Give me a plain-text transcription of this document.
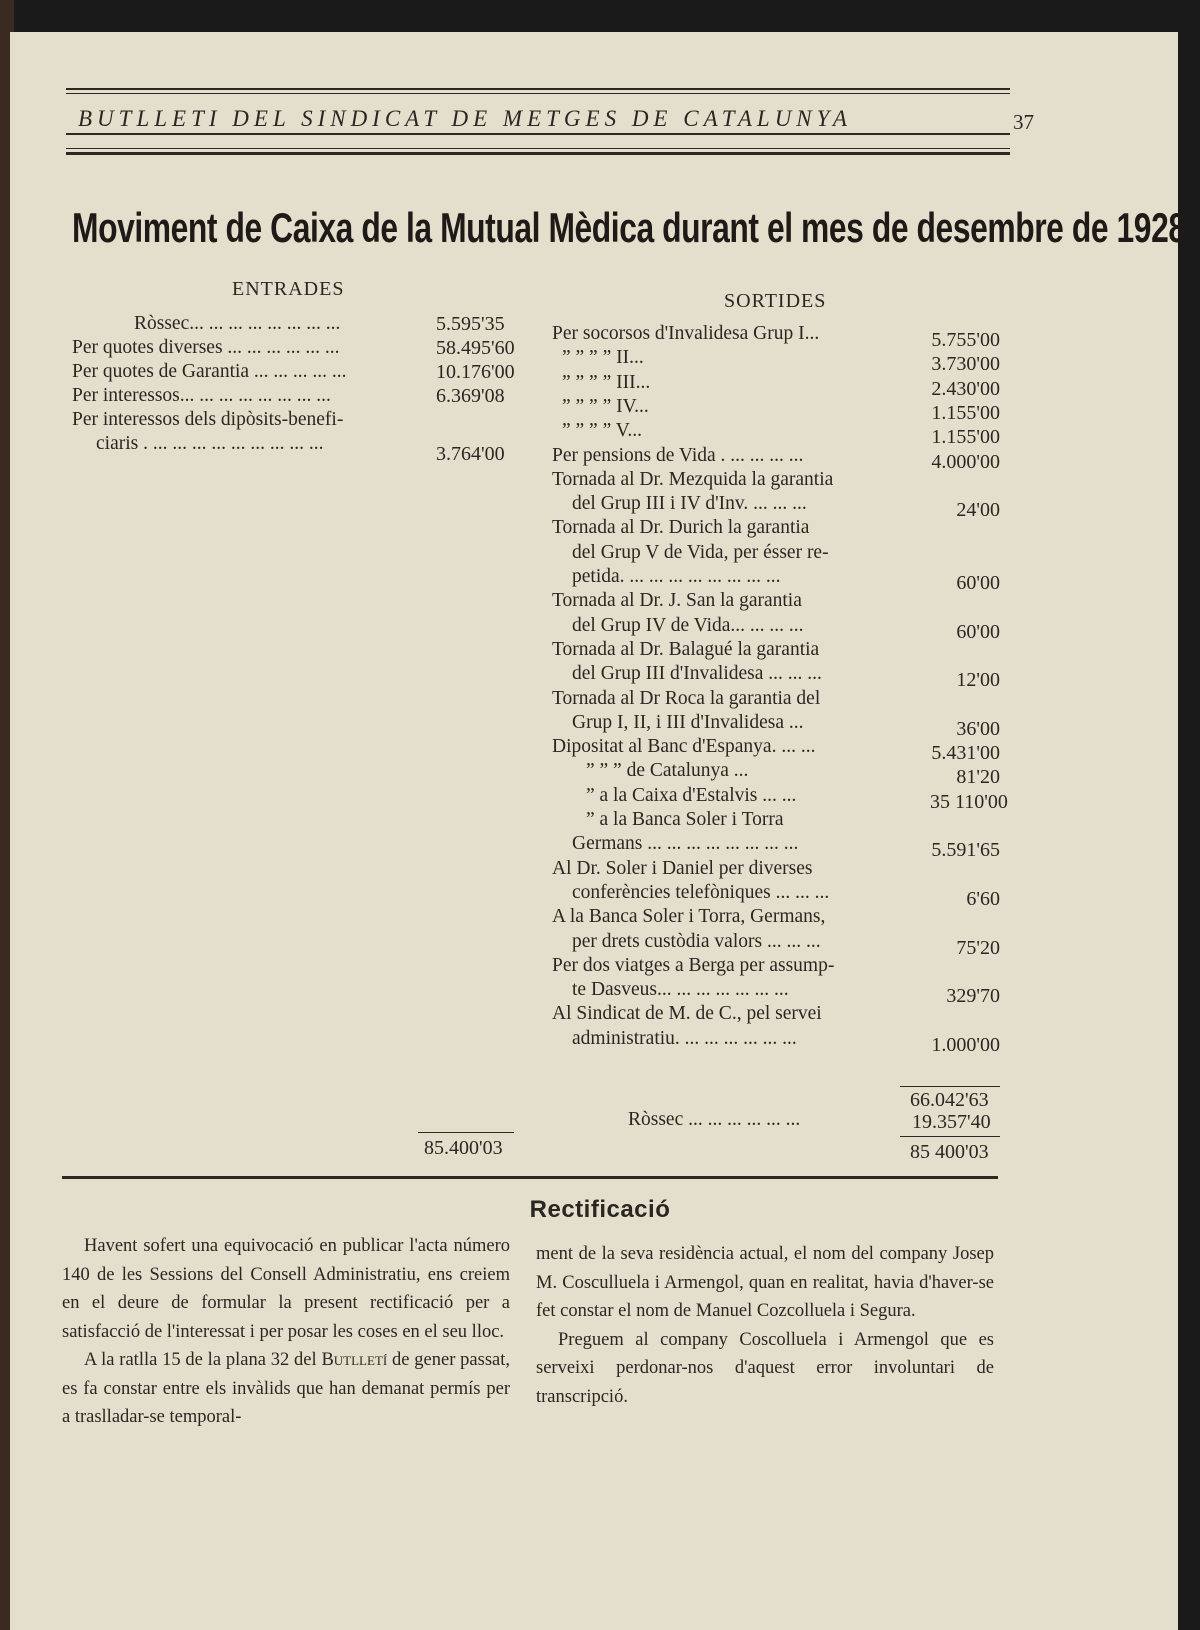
BUTLLETI DEL SINDICAT DE METGES DE CATALUNYA	37
Moviment de Caixa de la Mutual Mèdica durant el mes de desembre de 1928
ENTRADES
Ròssec... ... ... ... ... ... ... ...	5.595'35
Per quotes diverses ... ... ... ... ... ...	58.495'60
Per quotes de Garantia ... ... ... ... ...	10.176'00
Per interessos... ... ... ... ... ... ... ...	6.369'08
Per interessos dels dipòsits-benefi-
ciaris . ... ... ... ... ... ... ... ... ...	3.764'00
85.400'03
SORTIDES
Per socorsos d'Invalidesa Grup I...	5.755'00
” ” ” ” II...	3.730'00
” ” ” ” III...	2.430'00
” ” ” ” IV...	1.155'00
” ” ” ” V...	1.155'00
Per pensions de Vida . ... ... ... ...	4.000'00
Tornada al Dr. Mezquida la garantia
del Grup III i IV d'Inv. ... ... ...	24'00
Tornada al Dr. Durich la garantia
del Grup V de Vida, per ésser re-
petida. ... ... ... ... ... ... ... ...	60'00
Tornada al Dr. J. San la garantia
del Grup IV de Vida... ... ... ...	60'00
Tornada al Dr. Balagué la garantia
del Grup III d'Invalidesa ... ... ...	12'00
Tornada al Dr Roca la garantia del
Grup I, II, i III d'Invalidesa ...	36'00
Dipositat al Banc d'Espanya. ... ...	5.431'00
” ” ” de Catalunya ...	81'20
” a la Caixa d'Estalvis ... ...	35 110'00
” a la Banca Soler i Torra
Germans ... ... ... ... ... ... ... ...	5.591'65
Al Dr. Soler i Daniel per diverses
conferències telefòniques ... ... ...	6'60
A la Banca Soler i Torra, Germans,
per drets custòdia valors ... ... ...	75'20
Per dos viatges a Berga per assump-
te Dasveus... ... ... ... ... ... ...	329'70
Al Sindicat de M. de C., pel servei
administratiu. ... ... ... ... ... ...	1.000'00
66.042'63
Ròssec ... ... ... ... ... ...	19.357'40
85 400'03
Rectificació

Havent sofert una equivocació en publicar l'acta número 140 de les Sessions del Consell Administratiu, ens creiem en el deure de formular la present rectificació per a satisfacció de l'interessat i per posar les coses en el seu lloc.

A la ratlla 15 de la plana 32 del Butlletí de gener passat, es fa constar entre els invàlids que han demanat permís per a traslladar-se temporal-

ment de la seva residència actual, el nom del company Josep M. Cosculluela i Armengol, quan en realitat, havia d'haver-se fet constar el nom de Manuel Cozcolluela i Segura.

Preguem al company Coscolluela i Armengol que es serveixi perdonar-nos d'aquest error involuntari de transcripció.
